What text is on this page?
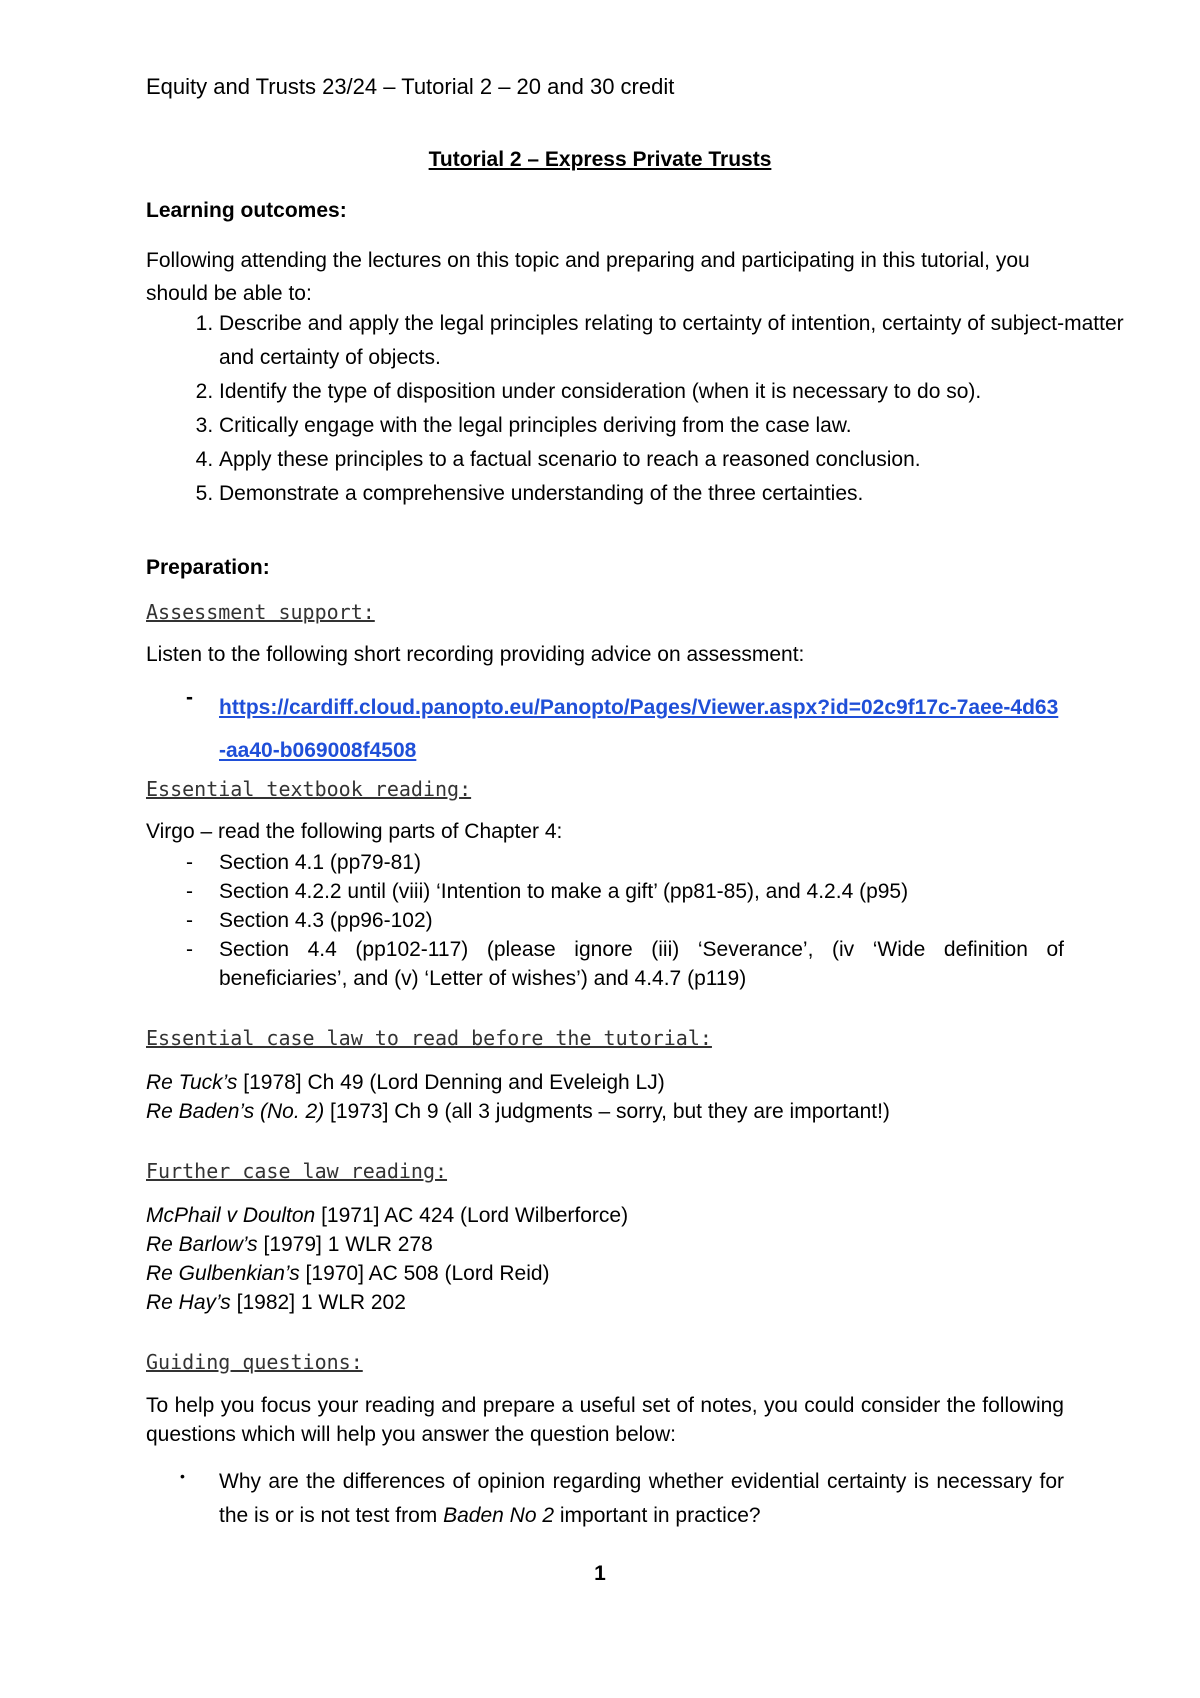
Equity and Trusts 23/24 – Tutorial 2 – 20 and 30 credit
Tutorial 2 – Express Private Trusts
Learning outcomes:
Following attending the lectures on this topic and preparing and participating in this tutorial, you should be able to:
1. Describe and apply the legal principles relating to certainty of intention, certainty of subject-matter and certainty of objects.
2. Identify the type of disposition under consideration (when it is necessary to do so).
3. Critically engage with the legal principles deriving from the case law.
4. Apply these principles to a factual scenario to reach a reasoned conclusion.
5. Demonstrate a comprehensive understanding of the three certainties.
Preparation:
Assessment support:
Listen to the following short recording providing advice on assessment:
- https://cardiff.cloud.panopto.eu/Panopto/Pages/Viewer.aspx?id=02c9f17c-7aee-4d63-aa40-b069008f4508
Essential textbook reading:
Virgo – read the following parts of Chapter 4:
- Section 4.1 (pp79-81)
- Section 4.2.2 until (viii) ‘Intention to make a gift’ (pp81-85), and 4.2.4 (p95)
- Section 4.3 (pp96-102)
- Section 4.4 (pp102-117) (please ignore (iii) ‘Severance’, (iv ‘Wide definition of beneficiaries’, and (v) ‘Letter of wishes’) and 4.4.7 (p119)
Essential case law to read before the tutorial:
Re Tuck’s [1978] Ch 49 (Lord Denning and Eveleigh LJ)
Re Baden’s (No. 2) [1973] Ch 9 (all 3 judgments – sorry, but they are important!)
Further case law reading:
McPhail v Doulton [1971] AC 424 (Lord Wilberforce)
Re Barlow’s [1979] 1 WLR 278
Re Gulbenkian’s [1970] AC 508 (Lord Reid)
Re Hay’s [1982] 1 WLR 202
Guiding questions:
To help you focus your reading and prepare a useful set of notes, you could consider the following questions which will help you answer the question below:
• Why are the differences of opinion regarding whether evidential certainty is necessary for the is or is not test from Baden No 2 important in practice?
1
